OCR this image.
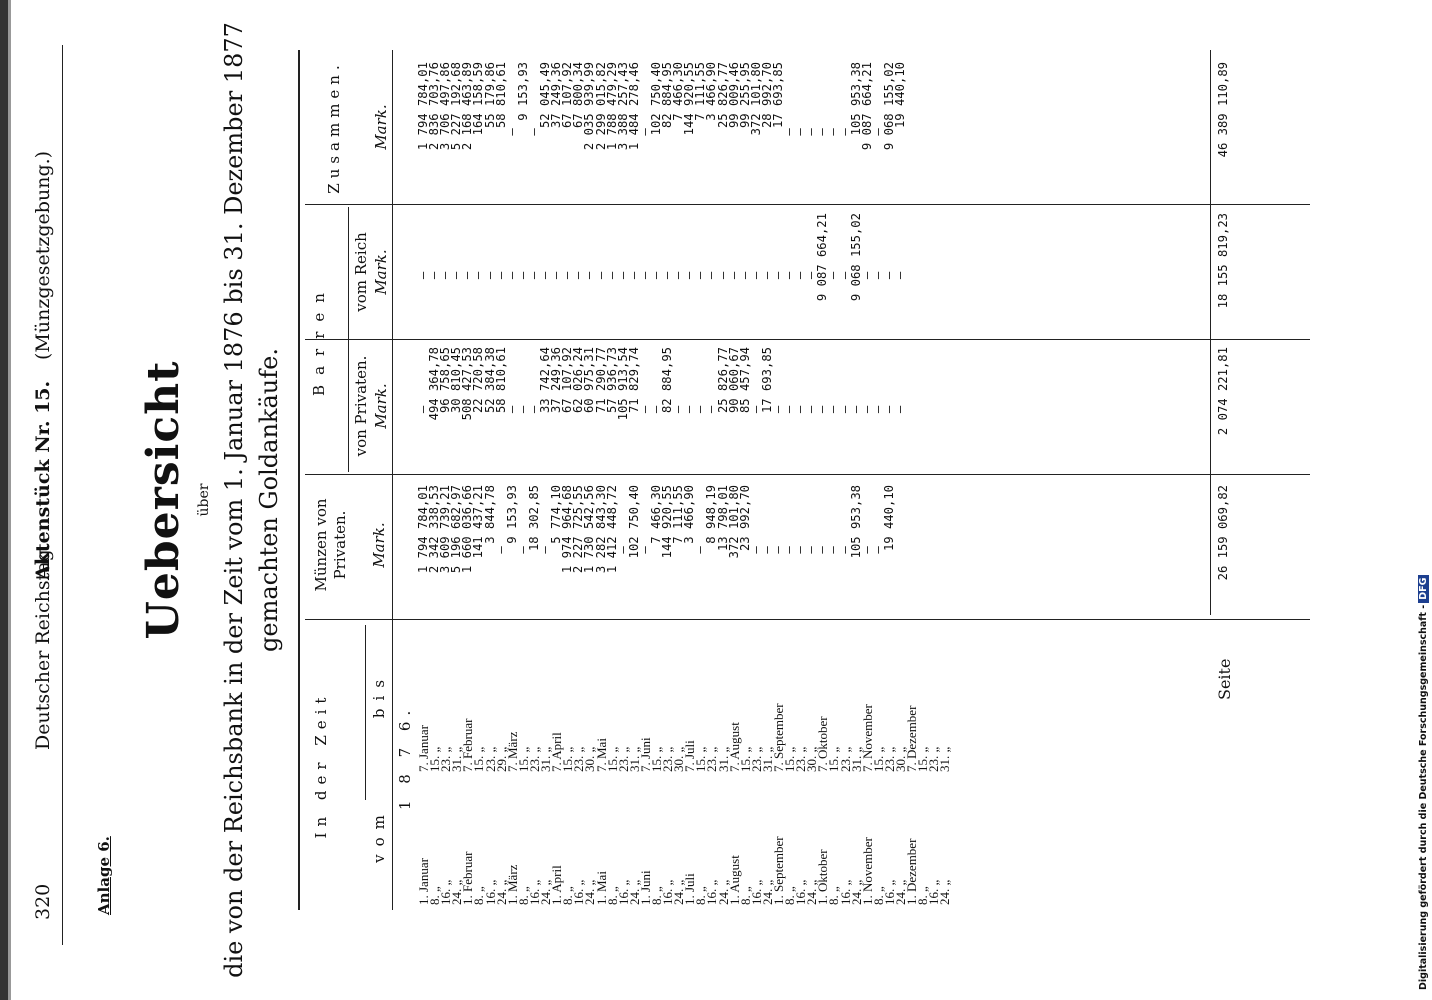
320
Deutscher Reichstag.
Aktenstück Nr. 15.
(Münzgesetzgebung.)
Anlage 6.
Uebersicht über die von der Reichsbank in der Zeit vom 1. Januar 1876 bis 31. Dezember 1877 gemachten Goldankäufe.
In der Zeit	vom
bis
Münzen von Privaten. Mark.
Barren
von Privaten. Mark.
vom Reich Mark.
Zusammen. Mark.
1 8 7 6.
1. Januar
8. „
16. „
24. „
1. Februar
8. „
16. „
24. „
1. März
8. „
16. „
24. „
1. April
8. „
16. „
24. „
1. Mai
8. „
16. „
24. „
1. Juni
8. „
16. „
24. „
1. Juli
8. „
16. „
24. „
1. August
8. „
16. „
24. „
1. September
8. „
16. „
24. „
1. Oktober
8. „
16. „
24. „
1. November
8. „
16. „
24. „
1. Dezember
8. „
16. „
24. „
7. Januar
15. „
23. „
31. „
7. Februar
15. „
23. „
29. „
7. März
15. „
23. „
31. „
7. April
15. „
23. „
30. „
7. Mai
15. „
23. „
31. „
7. Juni
15. „
23. „
30. „
7. Juli
15. „
23. „
31. „
7. August
15. „
23. „
31. „
7. September
15. „
23. „
30. „
7. Oktober
15. „
23. „
31. „
7. November
15. „
23. „
30. „
7. Dezember
15. „
23. „
31. „
1 794 784,01
2 342 338,53
3 609 739,21
5 196 682,97
1 660 036,66
141 437,21
3 844,78
—
9 153,93
—
18 302,85
—
5 774,10
1 974 964,68
2 227 725,55
1 730 542,56
3 282 843,30
1 412 448,72
—
102 750,40
—
7 466,30
144 920,55
7 111,55
3 466,90
—
8 948,19
13 798,01
372 101,80
23 992,70
—
—
—
—
—
—
—
—
—
105 953,38
—
—
19 440,10
—
494 364,78
96 758,65
30 810,45
508 427,53
22 720,58
52 384,38
58 810,61
—
—
—
33 742,64
37 249,36
67 107,92
62 026,24
60 975,31
71 290,77
57 936,73
105 913,54
71 829,74
—
—
82 884,95
—
—
—
—
25 826,77
90 060,67
85 457,94
—
17 693,85
—
—
—
—
—
—
—
—
—
—
—
—
—
—
—
—
—
—
—
—
—
—
—
—
—
—
—
—
—
—
—
—
—
—
—
—
—
—
—
—
—
—
—
—
—
—
—
—
9 087 664,21
—
—
9 068 155,02
—
—
—
—
1 794 784,01
2 836 703,76
3 706 497,86
5 227 192,68
2 168 463,89
164 158,59
55 179,86
58 810,61
—
9 153,93
—
52 045,49
37 249,36
67 107,92
67 800,34
2 035 939,99
2 299 015,82
1 788 479,29
3 388 257,43
1 484 278,46
—
102 750,40
82 884,95
7 466,30
144 920,55
7 111,55
3 466,90
25 826,77
99 009,46
99 255,95
372 101,80
28 992,70
17 693,85
—
—
—
—
—
—
105 953,38
9 087 664,21
—
9 068 155,02
19 440,10
Seite
26 159 069,82
2 074 221,81
18 155 819,23
46 389 110,89
Digitalisierung gefördert durch die Deutsche Forschungsgemeinschaft -DFG
